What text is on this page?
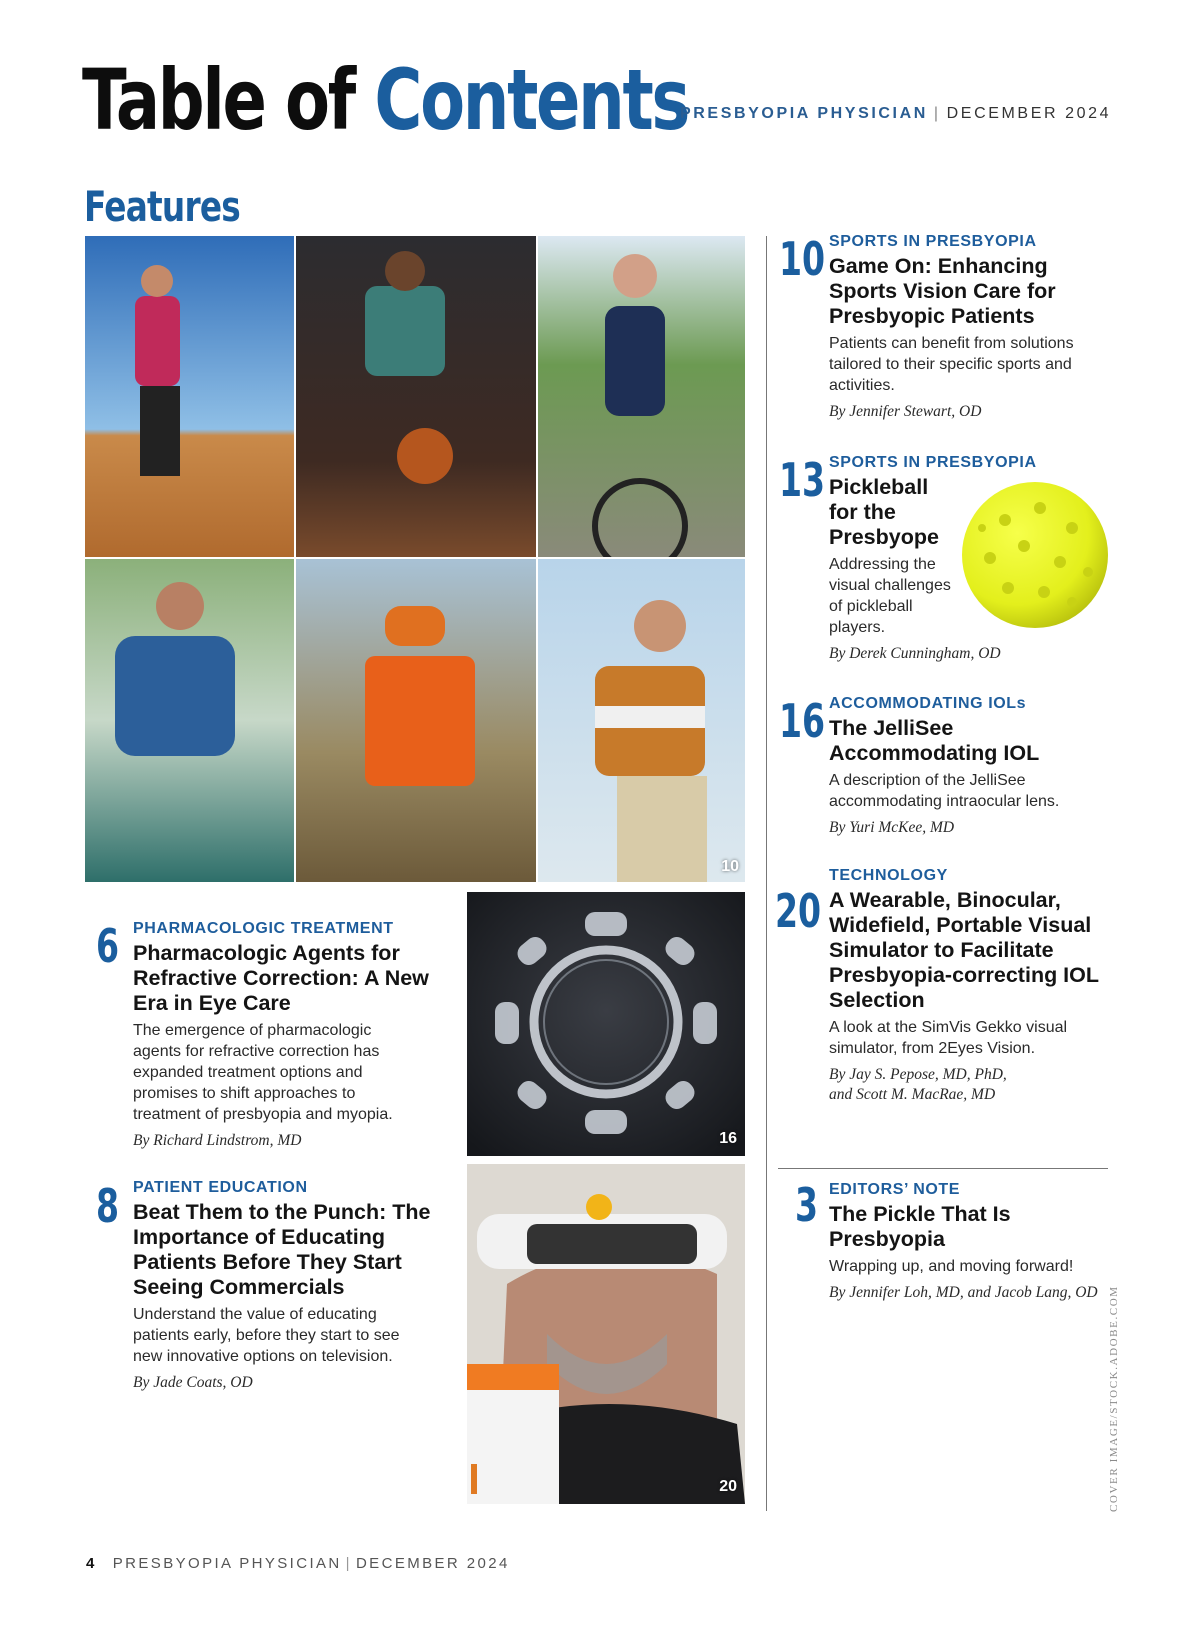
Table of Contents
PRESBYOPIA PHYSICIAN | DECEMBER 2024
Features
10
16
20
10 SPORTS IN PRESBYOPIA
Game On: Enhancing Sports Vision Care for Presbyopic Patients
Patients can benefit from solutions tailored to their specific sports and activities.
By Jennifer Stewart, OD
13 SPORTS IN PRESBYOPIA
Pickleball for the Presbyope
Addressing the visual challenges of pickleball players.
By Derek Cunningham, OD
16 ACCOMMODATING IOLs
The JelliSee Accommodating IOL
A description of the JelliSee accommodating intraocular lens.
By Yuri McKee, MD
20
TECHNOLOGY
A Wearable, Binocular, Widefield, Portable Visual Simulator to Facilitate Presbyopia-correcting IOL Selection
A look at the SimVis Gekko visual simulator, from 2Eyes Vision.
By Jay S. Pepose, MD, PhD, and Scott M. MacRae, MD
3 EDITORS’ NOTE
The Pickle That Is Presbyopia
Wrapping up, and moving forward!
By Jennifer Loh, MD, and Jacob Lang, OD
6 PHARMACOLOGIC TREATMENT
Pharmacologic Agents for Refractive Correction: A New Era in Eye Care
The emergence of pharmacologic agents for refractive correction has expanded treatment options and promises to shift approaches to treatment of presbyopia and myopia.
By Richard Lindstrom, MD
8 PATIENT EDUCATION
Beat Them to the Punch: The Importance of Educating Patients Before They Start Seeing Commercials
Understand the value of educating patients early, before they start to see new innovative options on television.
By Jade Coats, OD	COVER IMAGE/STOCK.ADOBE.COM
4 PRESBYOPIA PHYSICIAN | DECEMBER 2024
